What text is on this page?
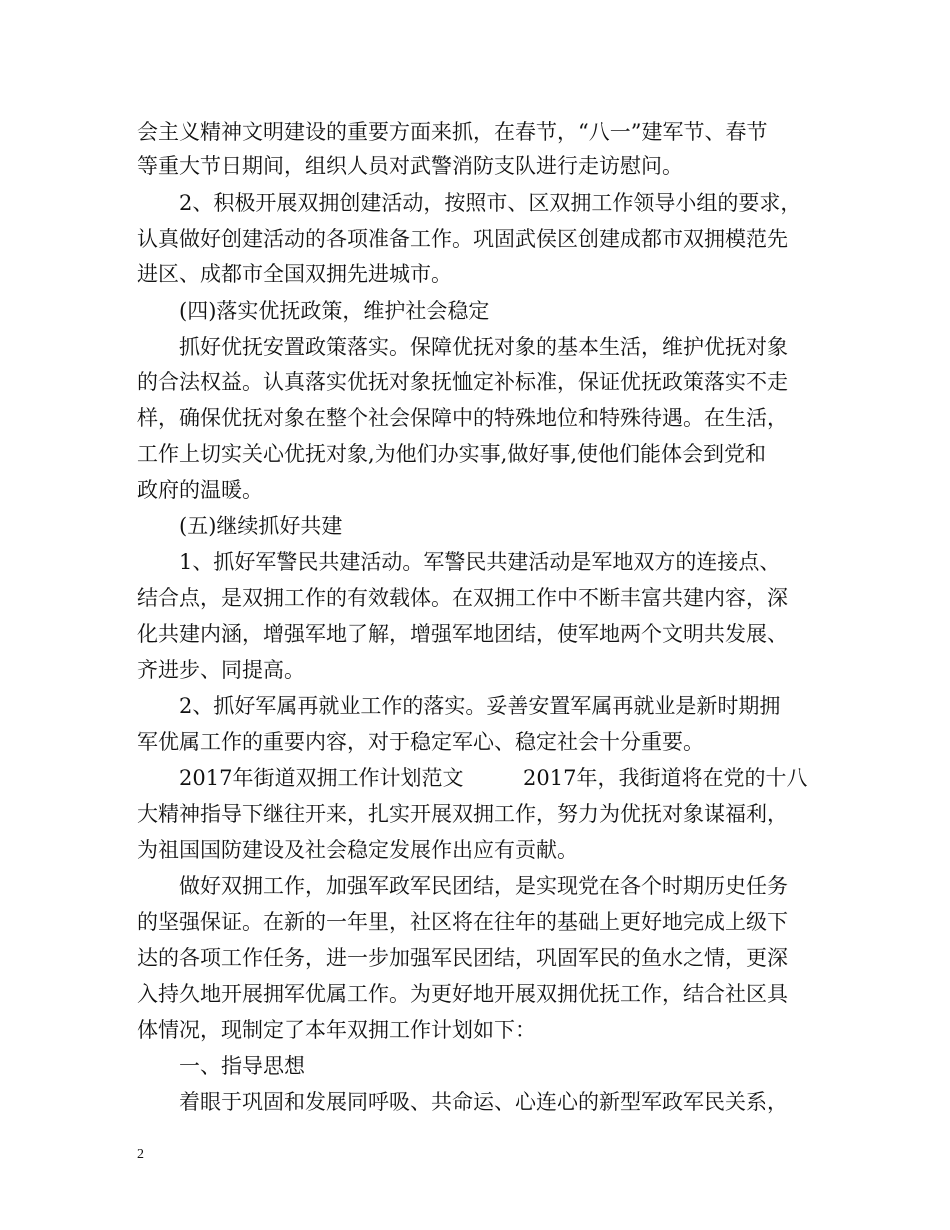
会主义精神文明建设的重要方面来抓，在春节，“八一”建军节、春节
等重大节日期间，组织人员对武警消防支队进行走访慰问。
2、积极开展双拥创建活动，按照市、区双拥工作领导小组的要求，
认真做好创建活动的各项准备工作。巩固武侯区创建成都市双拥模范先
进区、成都市全国双拥先进城市。
(四)落实优抚政策，维护社会稳定
抓好优抚安置政策落实。保障优抚对象的基本生活，维护优抚对象
的合法权益。认真落实优抚对象抚恤定补标准，保证优抚政策落实不走
样，确保优抚对象在整个社会保障中的特殊地位和特殊待遇。在生活，
工作上切实关心优抚对象,为他们办实事,做好事,使他们能体会到党和
政府的温暖。
(五)继续抓好共建
1、抓好军警民共建活动。军警民共建活动是军地双方的连接点、
结合点，是双拥工作的有效载体。在双拥工作中不断丰富共建内容，深
化共建内涵，增强军地了解，增强军地团结，使军地两个文明共发展、
齐进步、同提高。
2、抓好军属再就业工作的落实。妥善安置军属再就业是新时期拥
军优属工作的重要内容，对于稳定军心、稳定社会十分重要。
2017年街道双拥工作计划范文	2017年，我街道将在党的十八
大精神指导下继往开来，扎实开展双拥工作，努力为优抚对象谋福利，
为祖国国防建设及社会稳定发展作出应有贡献。
做好双拥工作，加强军政军民团结，是实现党在各个时期历史任务
的坚强保证。在新的一年里，社区将在往年的基础上更好地完成上级下
达的各项工作任务，进一步加强军民团结，巩固军民的鱼水之情，更深
入持久地开展拥军优属工作。为更好地开展双拥优抚工作，结合社区具
体情况，现制定了本年双拥工作计划如下：
一、指导思想
着眼于巩固和发展同呼吸、共命运、心连心的新型军政军民关系，
2
